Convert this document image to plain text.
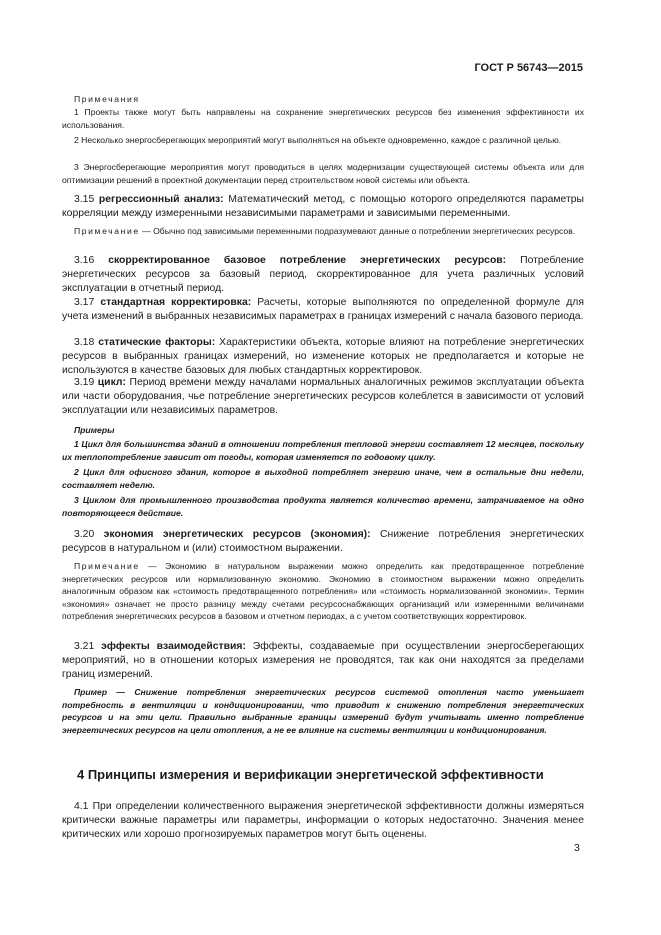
ГОСТ Р 56743—2015
Примечания

1 Проекты также могут быть направлены на сохранение энергетических ресурсов без изменения эффективности их использования.

2 Несколько энергосберегающих мероприятий могут выполняться на объекте одновременно, каждое с различной целью.

3 Энергосберегающие мероприятия могут проводиться в целях модернизации существующей системы объекта или для оптимизации решений в проектной документации перед строительством новой системы или объекта.

3.15 регрессионный анализ: Математический метод, с помощью которого определяются параметры корреляции между измеренными независимыми параметрами и зависимыми переменными.

Примечание — Обычно под зависимыми переменными подразумевают данные о потреблении энергетических ресурсов.

3.16 скорректированное базовое потребление энергетических ресурсов: Потребление энергетических ресурсов за базовый период, скорректированное для учета различных условий эксплуатации в отчетный период.

3.17 стандартная корректировка: Расчеты, которые выполняются по определенной формуле для учета изменений в выбранных независимых параметрах в границах измерений с начала базового периода.

3.18 статические факторы: Характеристики объекта, которые влияют на потребление энергетических ресурсов в выбранных границах измерений, но изменение которых не предполагается и которые не используются в качестве базовых для любых стандартных корректировок.

3.19 цикл: Период времени между началами нормальных аналогичных режимов эксплуатации объекта или части оборудования, чье потребление энергетических ресурсов колеблется в зависимости от условий эксплуатации или независимых параметров.

Примеры

1 Цикл для большинства зданий в отношении потребления тепловой энергии составляет 12 месяцев, поскольку их теплопотребление зависит от погоды, которая изменяется по годовому циклу.

2 Цикл для офисного здания, которое в выходной потребляет энергию иначе, чем в остальные дни недели, составляет неделю.

3 Циклом для промышленного производства продукта является количество времени, затрачиваемое на одно повторяющееся действие.

3.20 экономия энергетических ресурсов (экономия): Снижение потребления энергетических ресурсов в натуральном и (или) стоимостном выражении.

Примечание — Экономию в натуральном выражении можно определить как предотвращенное потребление энергетических ресурсов или нормализованную экономию. Экономию в стоимостном выражении можно определить аналогичным образом как «стоимость предотвращенного потребления» или «стоимость нормализованной экономии». Термин «экономия» означает не просто разницу между счетами ресурсоснабжающих организаций или измеренными величинами потребления энергетических ресурсов в базовом и отчетном периодах, а с учетом соответствующих корректировок.

3.21 эффекты взаимодействия: Эффекты, создаваемые при осуществлении энергосберегающих мероприятий, но в отношении которых измерения не проводятся, так как они находятся за пределами границ измерений.

Пример — Снижение потребления энергетических ресурсов системой отопления часто уменьшает потребность в вентиляции и кондиционировании, что приводит к снижению потребления энергетических ресурсов и на эти цели. Правильно выбранные границы измерений будут учитывать именно потребление энергетических ресурсов на цели отопления, а не ее влияние на системы вентиляции и кондиционирования.

4 Принципы измерения и верификации энергетической эффективности

4.1 При определении количественного выражения энергетической эффективности должны измеряться критически важные параметры или параметры, информации о которых недостаточно. Значения менее критических или хорошо прогнозируемых параметров могут быть оценены.

3
